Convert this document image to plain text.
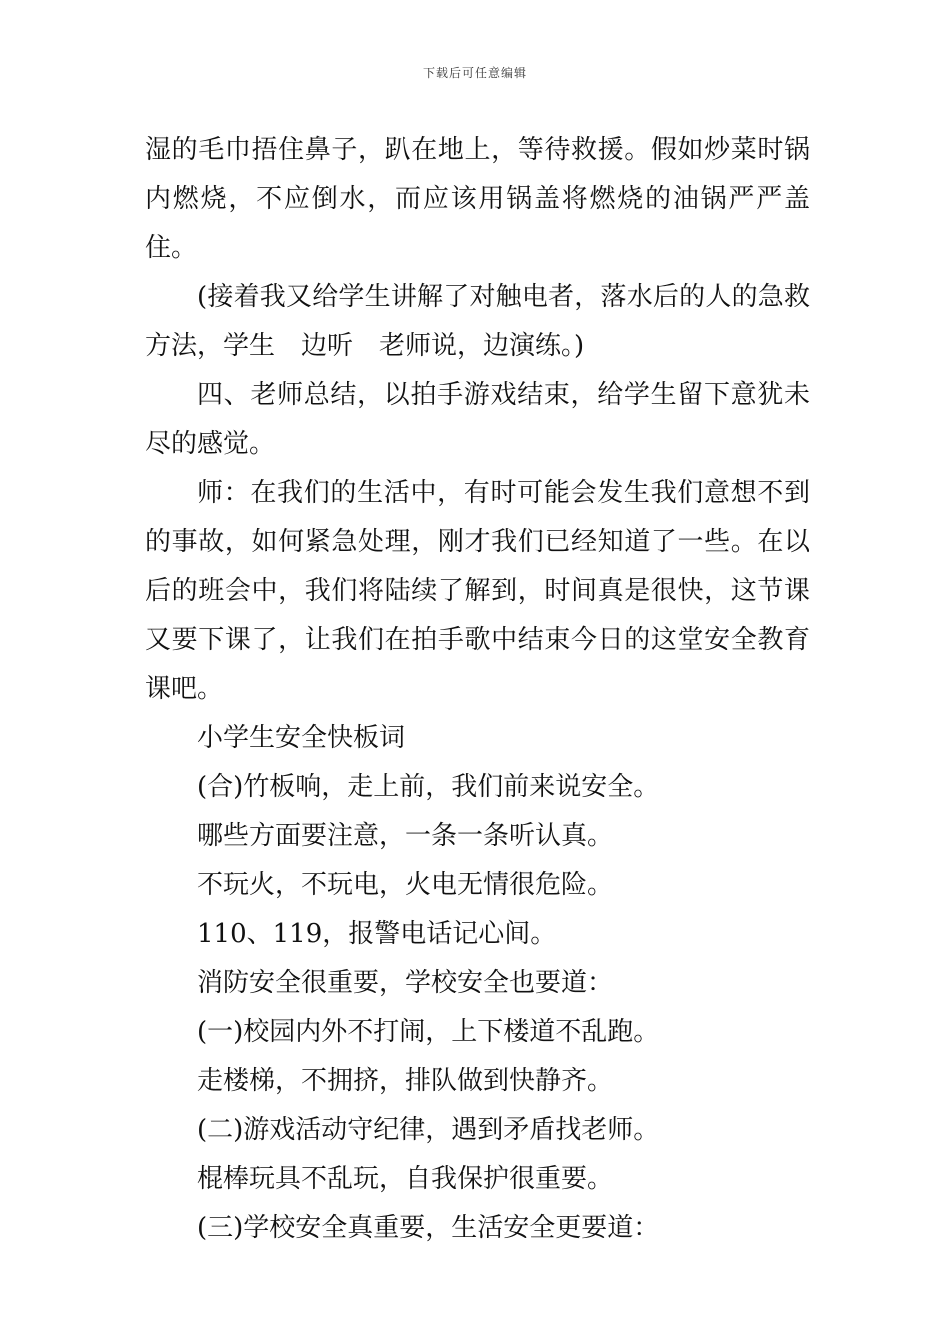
下载后可任意编辑

湿的毛巾捂住鼻子，趴在地上，等待救援。假如炒菜时锅内燃烧，不应倒水，而应该用锅盖将燃烧的油锅严严盖住。

(接着我又给学生讲解了对触电者，落水后的人的急救方法，学生　边听　老师说，边演练。)

四、老师总结，以拍手游戏结束，给学生留下意犹未尽的感觉。

师：在我们的生活中，有时可能会发生我们意想不到的事故，如何紧急处理，刚才我们已经知道了一些。在以后的班会中，我们将陆续了解到，时间真是很快，这节课又要下课了，让我们在拍手歌中结束今日的这堂安全教育课吧。

小学生安全快板词

(合)竹板响，走上前，我们前来说安全。

哪些方面要注意，一条一条听认真。

不玩火，不玩电，火电无情很危险。

110、119，报警电话记心间。

消防安全很重要，学校安全也要道：

(一)校园内外不打闹，上下楼道不乱跑。

走楼梯，不拥挤，排队做到快静齐。

(二)游戏活动守纪律，遇到矛盾找老师。

棍棒玩具不乱玩，自我保护很重要。

(三)学校安全真重要，生活安全更要道：
